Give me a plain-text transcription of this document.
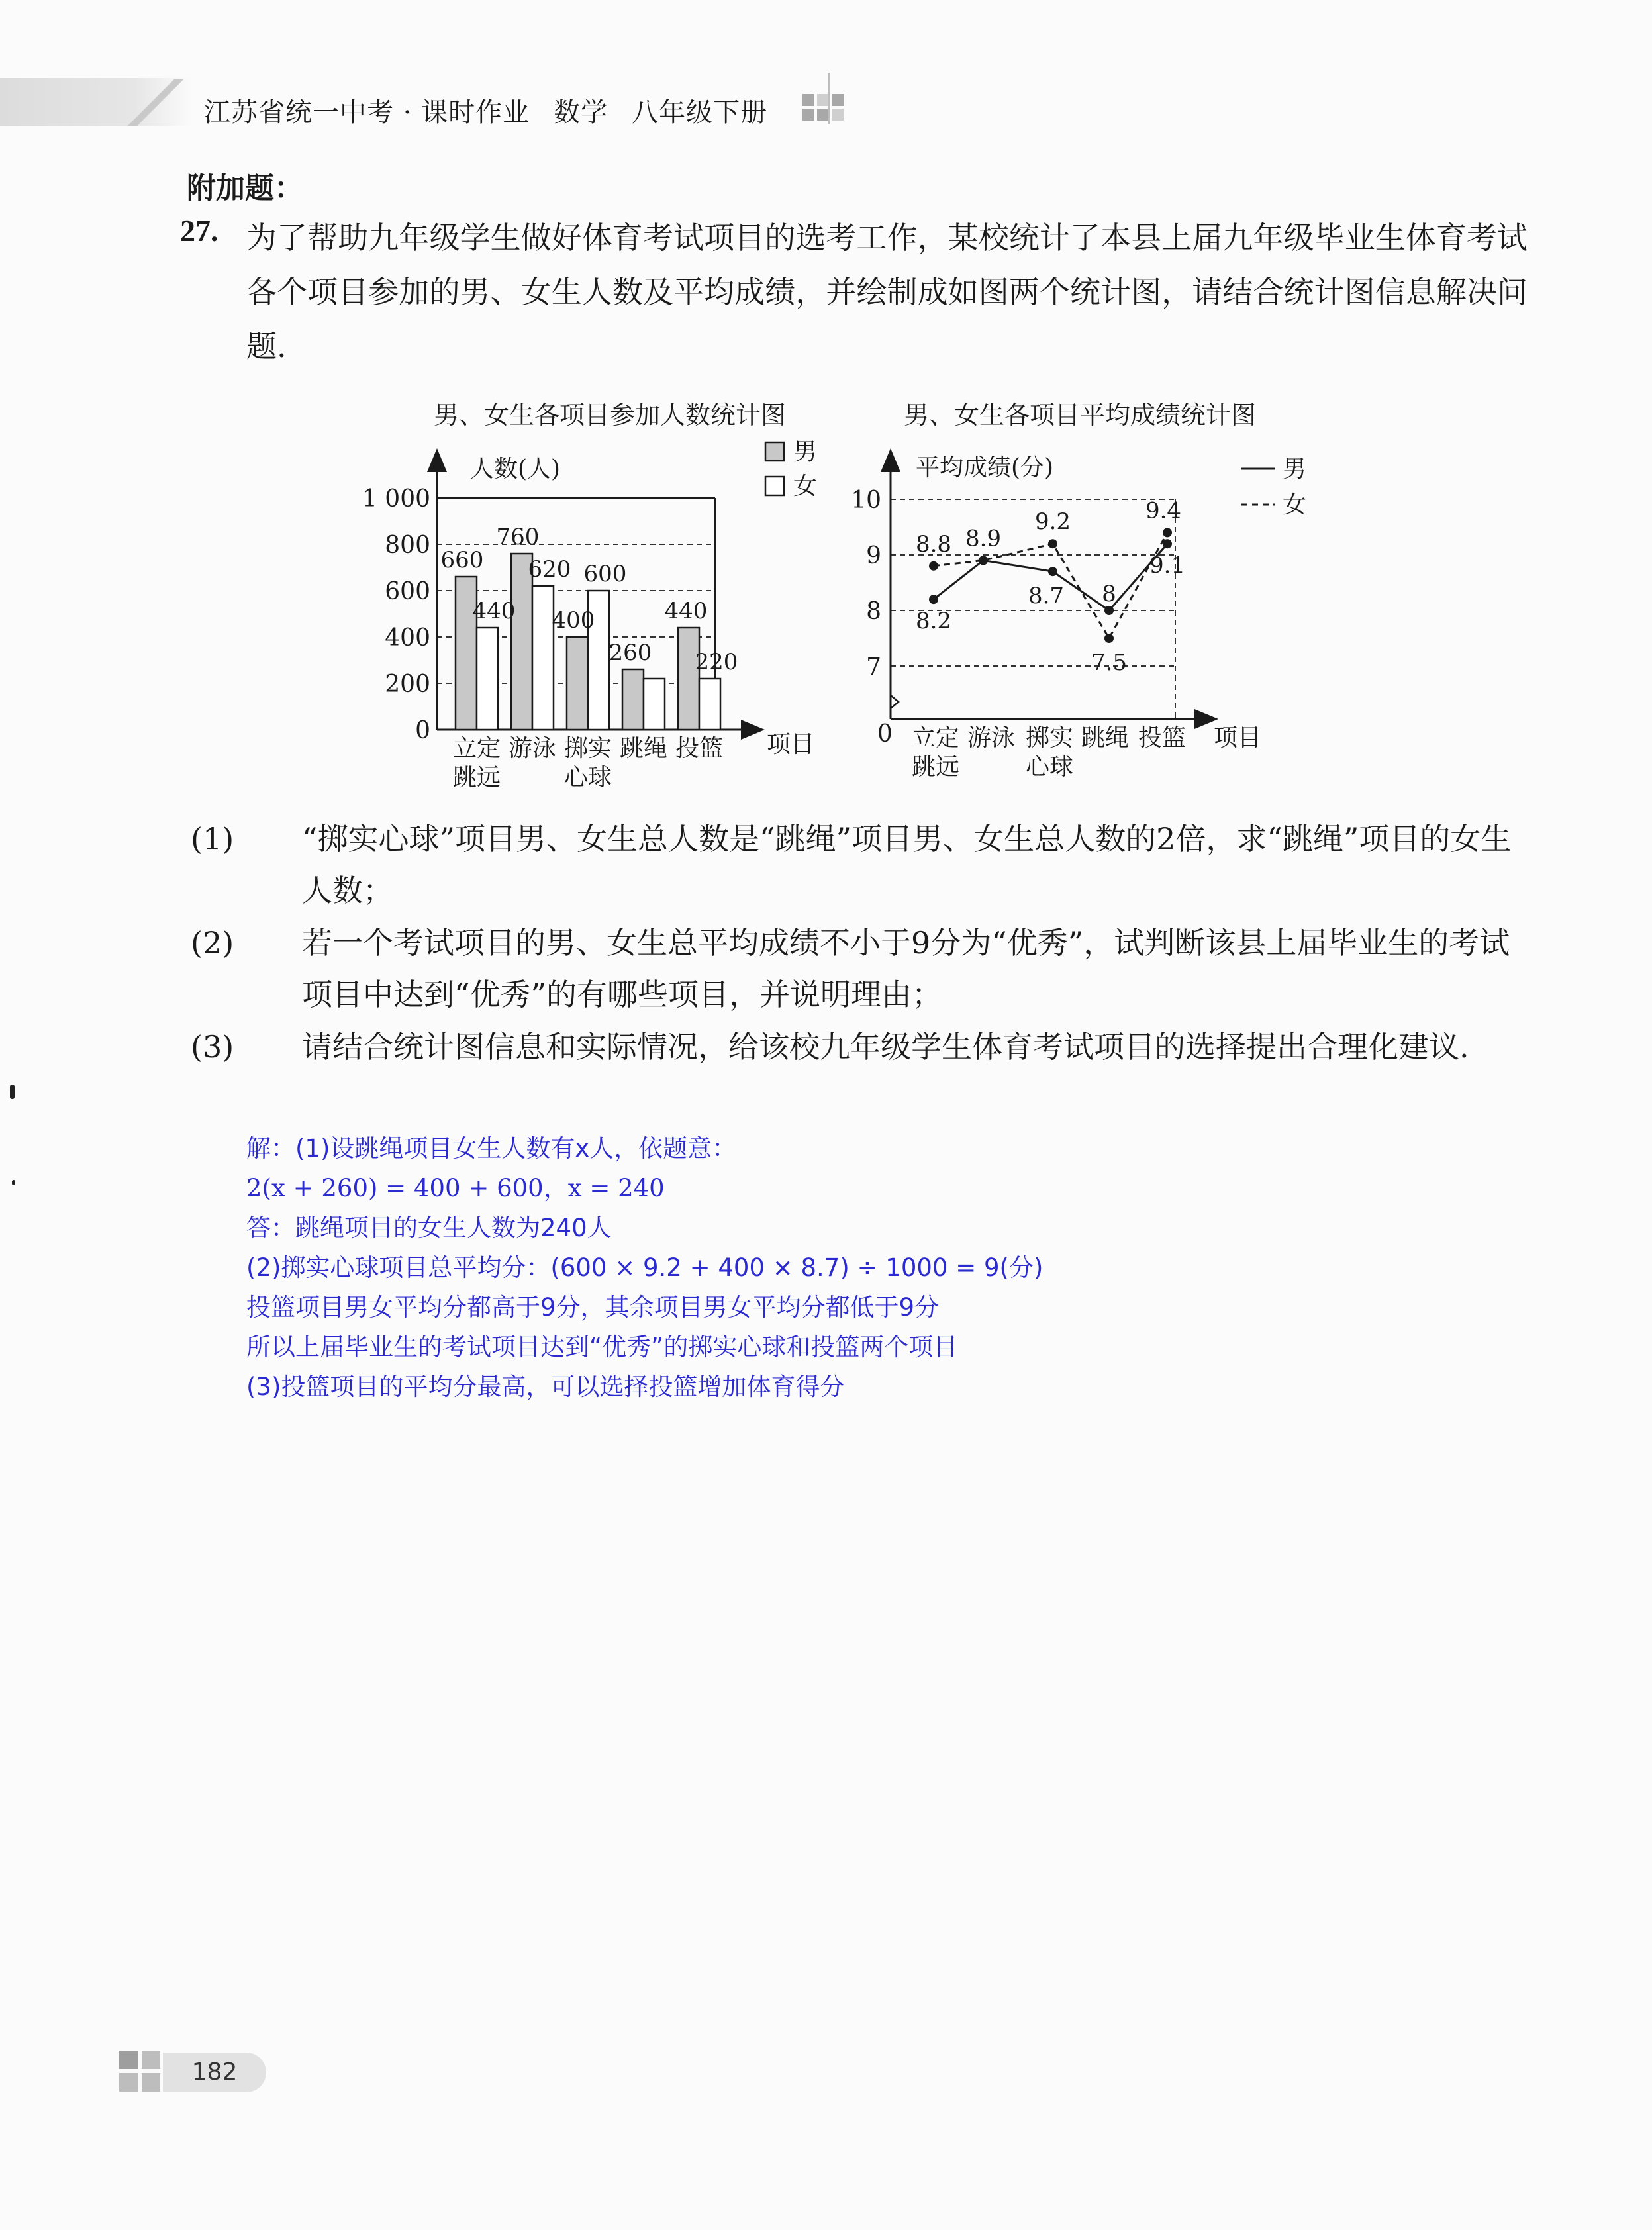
江苏省统一中考 · 课时作业 数学 八年级下册
附加题：
27. 为了帮助九年级学生做好体育考试项目的选考工作，某校统计了本县上届九年级毕业生体育考试各个项目参加的男、女生人数及平均成绩，并绘制成如图两个统计图，请结合统计图信息解决问题.
男、女生各项目参加人数统计图
0
200
400
600
800
1 000
660
440
760
620
400
600
260
440
220
立定
跳远
游泳 掷实
心球
跳绳 投篮
人数(人)
项目
男
女
男、女生各项目平均成绩统计图
0
7
8
9
10
8.8
8.2
8.9
9.2
8.7 8
7.5
9.4
9.1
立定
跳远
游泳 掷实
心球
跳绳 投篮
平均成绩(分)
项目
男
女
(1) “掷实心球”项目男、女生总人数是“跳绳”项目男、女生总人数的2倍，求“跳绳”项目的女生人数；
(2) 若一个考试项目的男、女生总平均成绩不小于9分为“优秀”，试判断该县上届毕业生的考试项目中达到“优秀”的有哪些项目，并说明理由；
(3) 请结合统计图信息和实际情况，给该校九年级学生体育考试项目的选择提出合理化建议.
解：(1)设跳绳项目女生人数有x人，依题意：
2(x + 260) = 400 + 600，x = 240
答：跳绳项目的女生人数为240人
(2)掷实心球项目总平均分：(600 × 9.2 + 400 × 8.7) ÷ 1000 = 9(分)
投篮项目男女平均分都高于9分，其余项目男女平均分都低于9分
所以上届毕业生的考试项目达到“优秀”的掷实心球和投篮两个项目
(3)投篮项目的平均分最高，可以选择投篮增加体育得分
182
